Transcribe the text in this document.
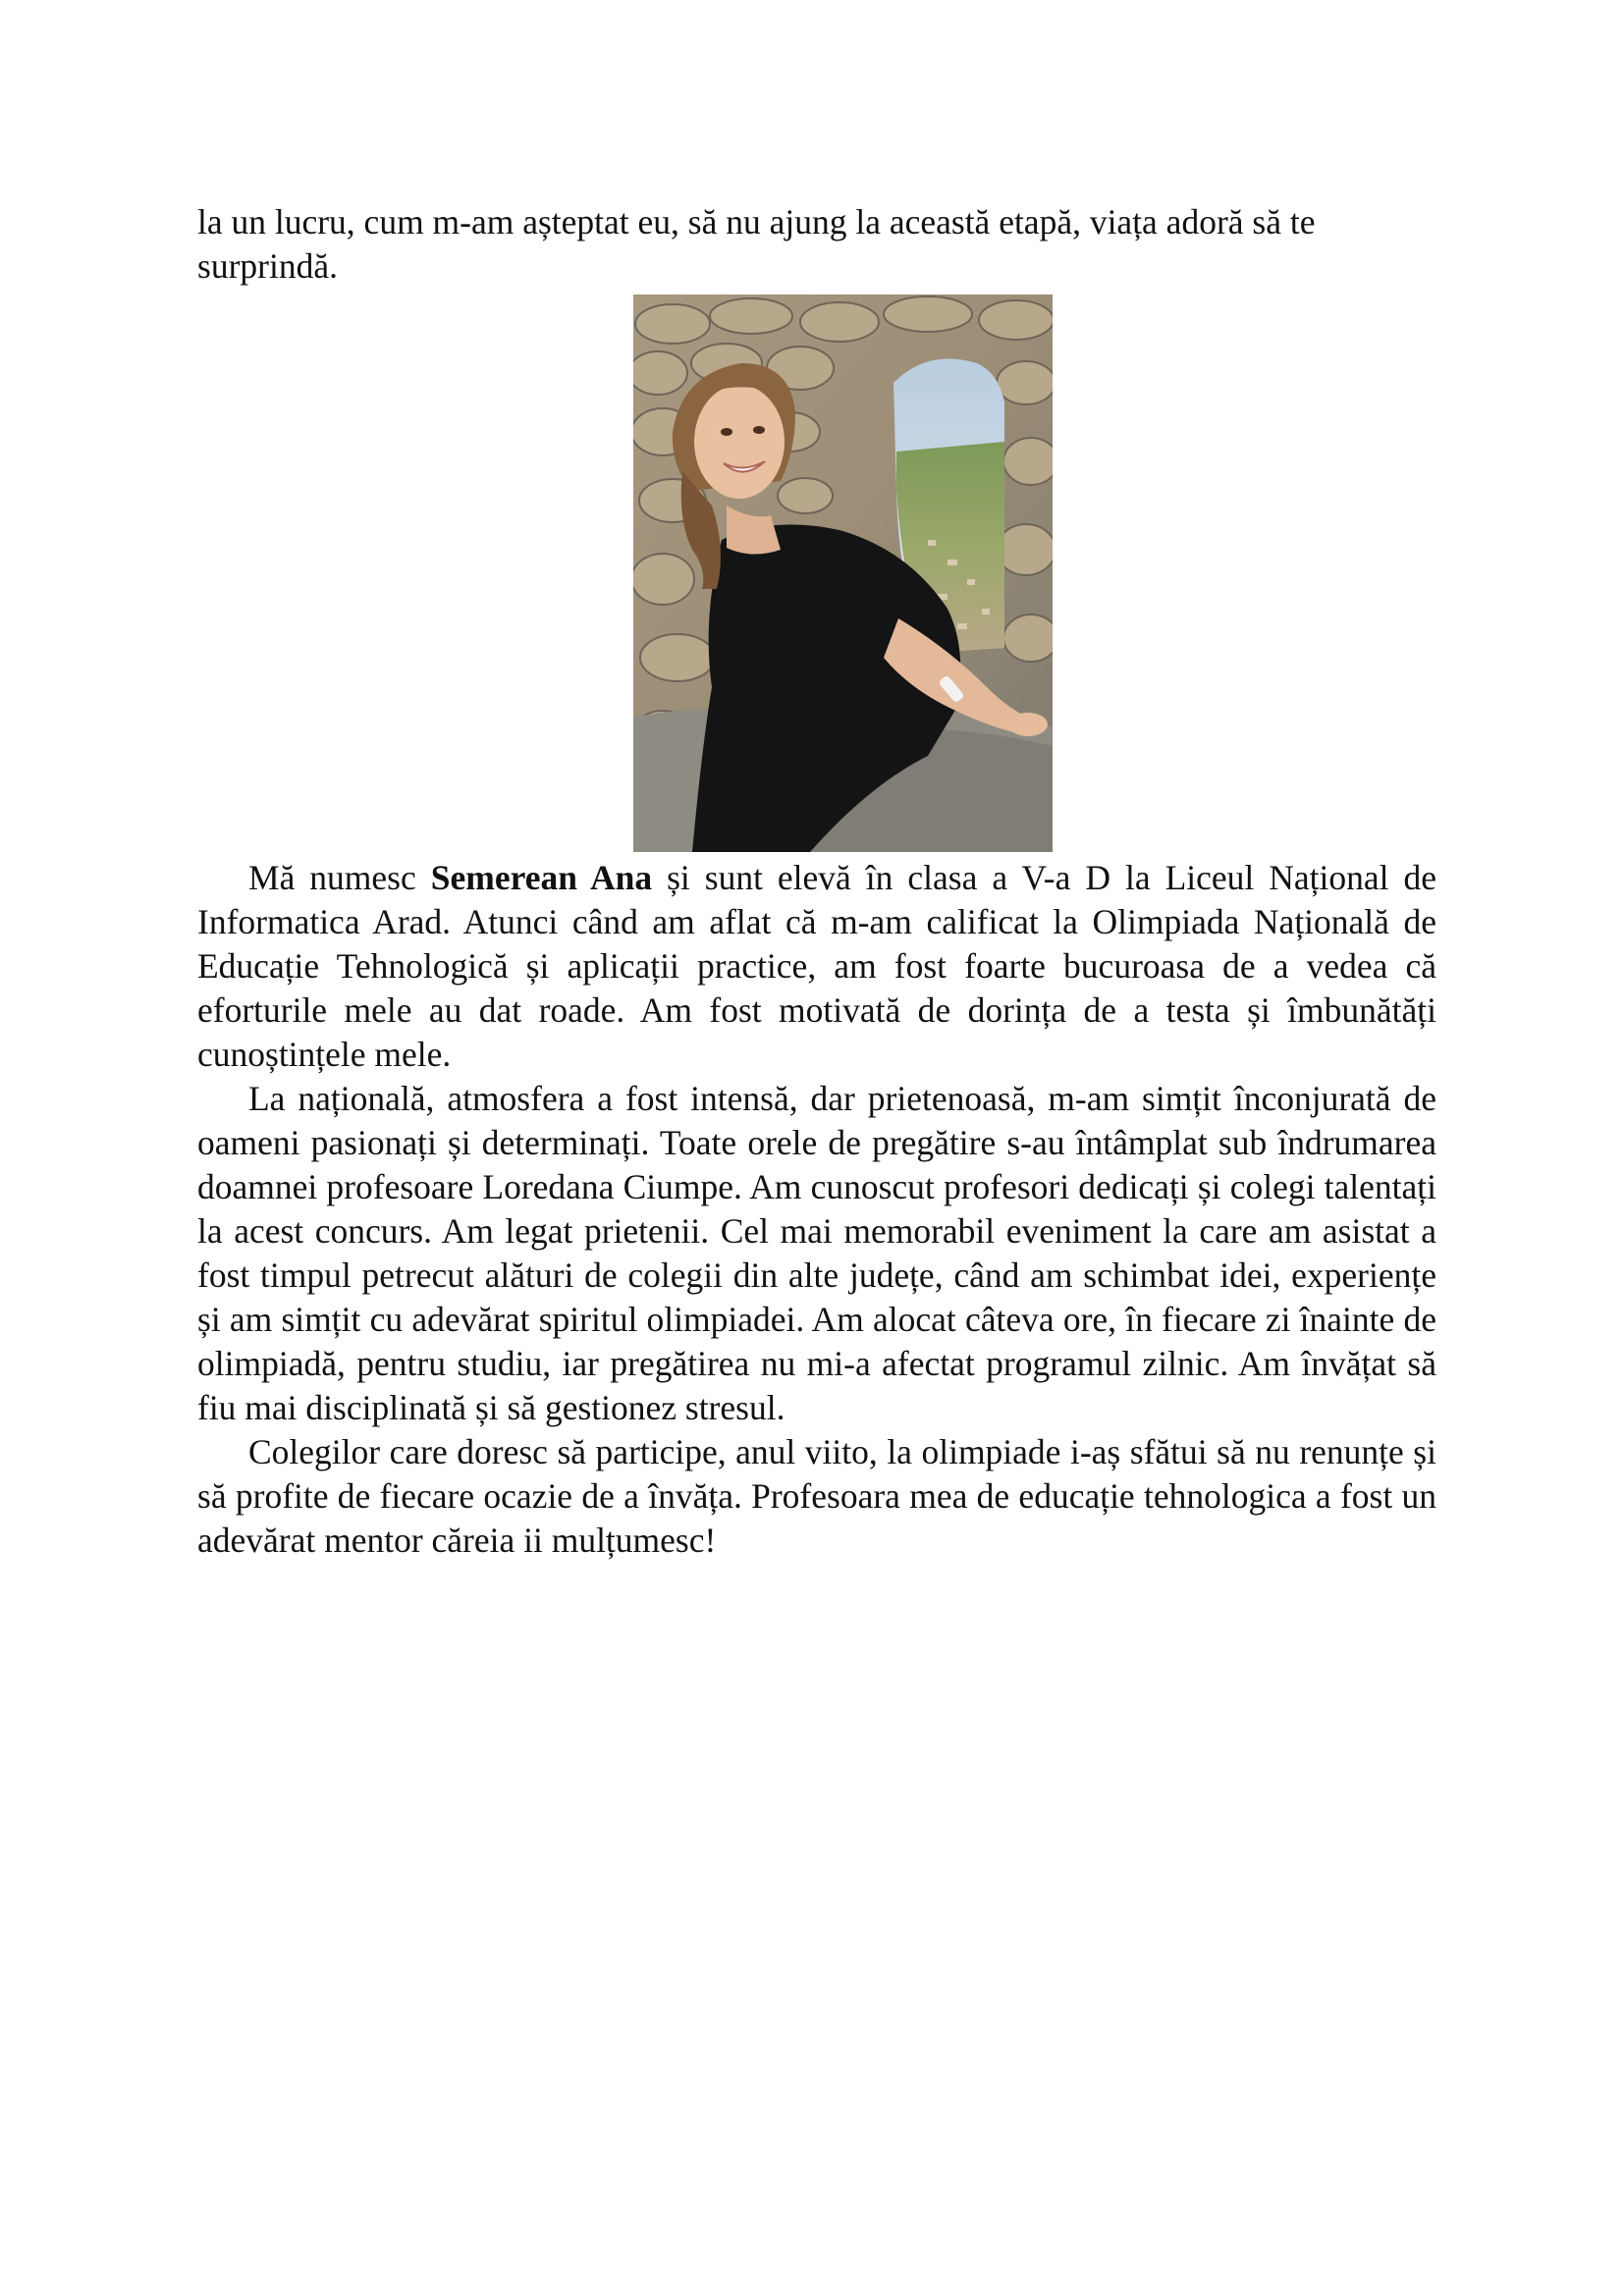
la un lucru, cum m-am așteptat eu, să nu ajung la această etapă, viața adoră să te surprindă.

Mă numesc Semerean Ana și sunt elevă în clasa a V-a D la Liceul Național de Informatica Arad. Atunci când am aflat că m-am calificat la Olimpiada Națională de Educație Tehnologică și aplicații practice, am fost foarte bucuroasa de a vedea că eforturile mele au dat roade. Am fost motivată de dorința de a testa și îmbunătăți cunoștințele mele.

La națională, atmosfera a fost intensă, dar prietenoasă, m-am simțit înconjurată de oameni pasionați și determinați. Toate orele de pregătire s-au întâmplat sub îndrumarea doamnei profesoare Loredana Ciumpe. Am cunoscut profesori dedicați și colegi talentați la acest concurs. Am legat prietenii. Cel mai memorabil eveniment la care am asistat a fost timpul petrecut alături de colegii din alte județe, când am schimbat idei, experiențe și am simțit cu adevărat spiritul olimpiadei. Am alocat câteva ore, în fiecare zi înainte de olimpiadă, pentru studiu, iar pregătirea nu mi-a afectat programul zilnic. Am învățat să fiu mai disciplinată și să gestionez stresul.

Colegilor care doresc să participe, anul viito, la olimpiade i-aș sfătui să nu renunțe și să profite de fiecare ocazie de a învăța. Profesoara mea de educație tehnologica a fost un adevărat mentor căreia ii mulțumesc!
